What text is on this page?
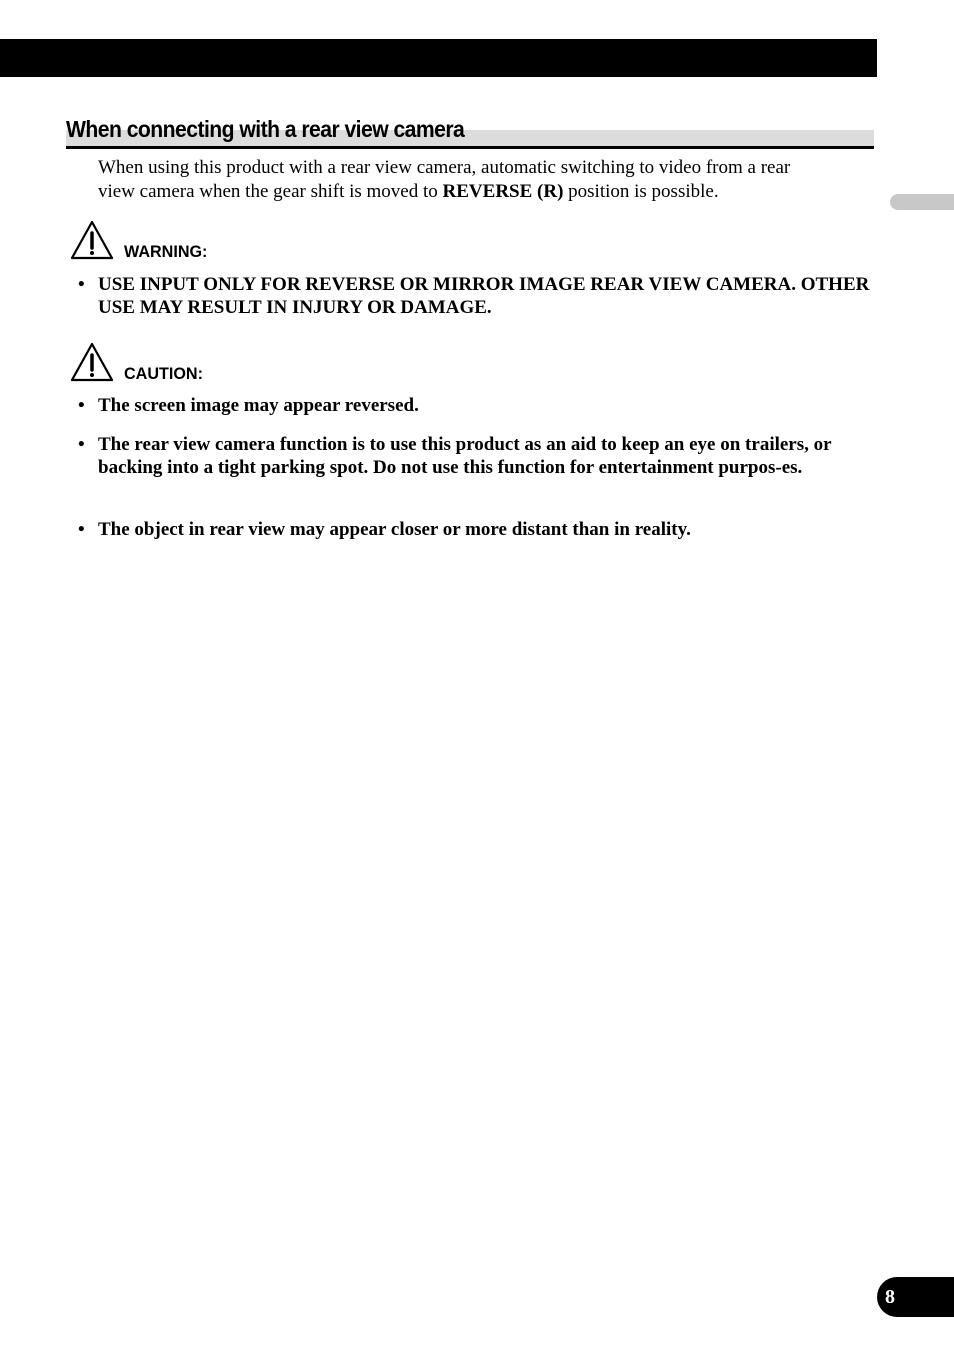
When connecting with a rear view camera

When using this product with a rear view camera, automatic switching to video from a rear view camera when the gear shift is moved to REVERSE (R) position is possible.

WARNING:
• USE INPUT ONLY FOR REVERSE OR MIRROR IMAGE REAR VIEW CAMERA. OTHER USE MAY RESULT IN INJURY OR DAMAGE.
CAUTION:
• The screen image may appear reversed.
• The rear view camera function is to use this product as an aid to keep an eye on trailers, or backing into a tight parking spot. Do not use this function for entertainment purpos-es.
• The object in rear view may appear closer or more distant than in reality.
8
